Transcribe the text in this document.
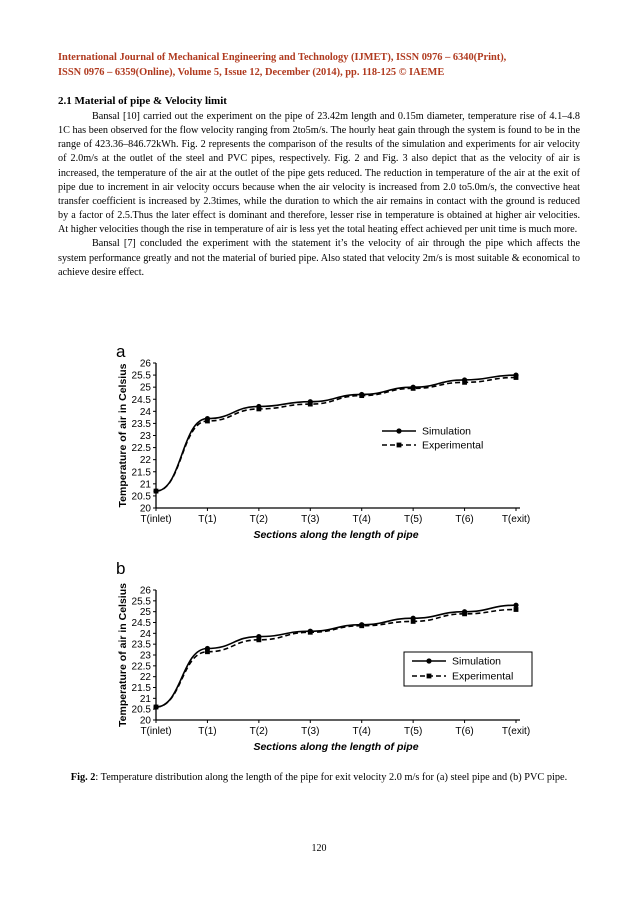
International Journal of Mechanical Engineering and Technology (IJMET), ISSN 0976 – 6340(Print),
ISSN 0976 – 6359(Online), Volume 5, Issue 12, December (2014), pp. 118-125 © IAEME
2.1 Material of pipe & Velocity limit

Bansal [10] carried out the experiment on the pipe of 23.42m length and 0.15m diameter, temperature rise of 4.1–4.8 1C has been observed for the flow velocity ranging from 2to5m/s. The hourly heat gain through the system is found to be in the range of 423.36–846.72kWh. Fig. 2 represents the comparison of the results of the simulation and experiments for air velocity of 2.0m/s at the outlet of the steel and PVC pipes, respectively. Fig. 2 and Fig. 3 also depict that as the velocity of air is increased, the temperature of the air at the outlet of the pipe gets reduced. The reduction in temperature of the air at the exit of pipe due to increment in air velocity occurs because when the air velocity is increased from 2.0 to5.0m/s, the convective heat transfer coefficient is increased by 2.3times, while the duration to which the air remains in contact with the ground is reduced by a factor of 2.5.Thus the later effect is dominant and therefore, lesser rise in temperature is obtained at higher air velocities. At higher velocities though the rise in temperature of air is less yet the total heating effect achieved per unit time is much more.

Bansal [7] concluded the experiment with the statement it’s the velocity of air through the pipe which affects the system performance greatly and not the material of buried pipe. Also stated that velocity 2m/s is most suitable & economical to achieve desire effect.

a
20
20.5
21
21.5
22
22.5
23
23.5
24
24.5
25
25.5
26
T(inlet)	T(1)	T(2)	T(3)	T(4)	T(5)	T(6)	T(exit)
Sections along the length of pipe
Temperature of air in Celsius	Simulation
Experimental
b
20
20.5
21
21.5
22
22.5
23
23.5
24
24.5
25
25.5
26
T(inlet)	T(1)	T(2)	T(3)	T(4)	T(5)	T(6)	T(exit)
Sections along the length of pipe
Temperature of air in Celsius	Simulation
Experimental
Fig. 2: Temperature distribution along the length of the pipe for exit velocity 2.0 m/s for (a) steel pipe and (b) PVC pipe.
120
